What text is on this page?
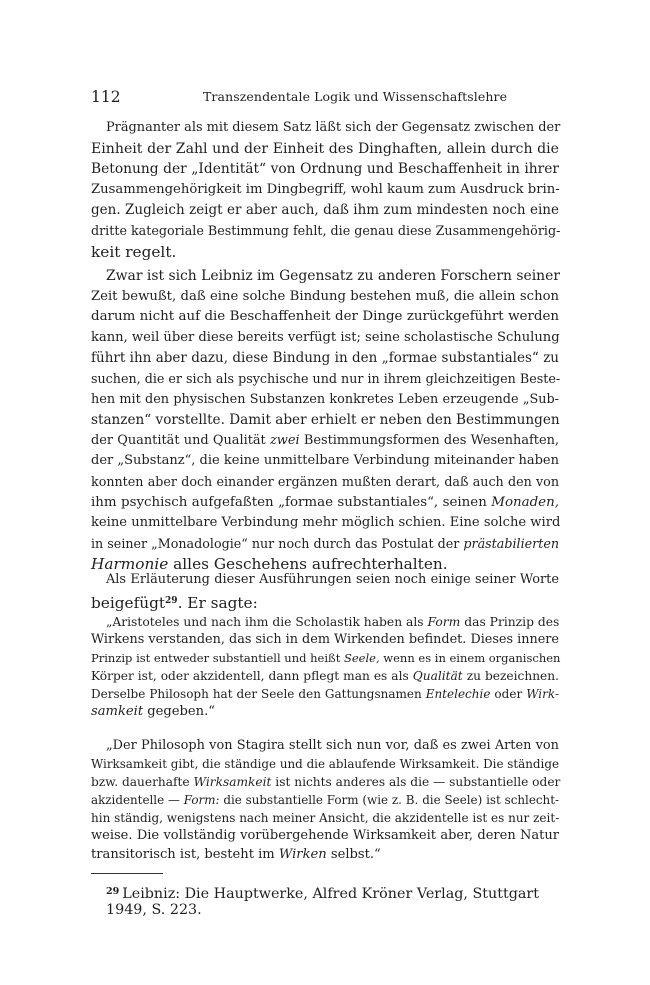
112	Transzendentale Logik und Wissenschaftslehre
Prägnanter als mit diesem Satz läßt sich der Gegensatz zwischen der
Einheit der Zahl und der Einheit des Dinghaften, allein durch die
Betonung der „Identität“ von Ordnung und Beschaffenheit in ihrer
Zusammengehörigkeit im Dingbegriff, wohl kaum zum Ausdruck brin-
gen. Zugleich zeigt er aber auch, daß ihm zum mindesten noch eine
dritte kategoriale Bestimmung fehlt, die genau diese Zusammengehörig-
keit regelt.
Zwar ist sich Leibniz im Gegensatz zu anderen Forschern seiner
Zeit bewußt, daß eine solche Bindung bestehen muß, die allein schon
darum nicht auf die Beschaffenheit der Dinge zurückgeführt werden
kann, weil über diese bereits verfügt ist; seine scholastische Schulung
führt ihn aber dazu, diese Bindung in den „formae substantiales“ zu
suchen, die er sich als psychische und nur in ihrem gleichzeitigen Beste-
hen mit den physischen Substanzen konkretes Leben erzeugende „Sub-
stanzen“ vorstellte. Damit aber erhielt er neben den Bestimmungen
der Quantität und Qualität zwei Bestimmungsformen des Wesenhaften,
der „Substanz“, die keine unmittelbare Verbindung miteinander haben
konnten aber doch einander ergänzen mußten derart, daß auch den von
ihm psychisch aufgefaßten „formae substantiales“, seinen Monaden,
keine unmittelbare Verbindung mehr möglich schien. Eine solche wird
in seiner „Monadologie“ nur noch durch das Postulat der prästabilierten
Harmonie alles Geschehens aufrechterhalten.
Als Erläuterung dieser Ausführungen seien noch einige seiner Worte
beigefügt$^{29}$. Er sagte:
„Aristoteles und nach ihm die Scholastik haben als Form das Prinzip des
Wirkens verstanden, das sich in dem Wirkenden befindet. Dieses innere
Prinzip ist entweder substantiell und heißt Seele, wenn es in einem organischen
Körper ist, oder akzidentell, dann pflegt man es als Qualität zu bezeichnen.
Derselbe Philosoph hat der Seele den Gattungsnamen Entelechie oder Wirk-
samkeit gegeben.“
„Der Philosoph von Stagira stellt sich nun vor, daß es zwei Arten von
Wirksamkeit gibt, die ständige und die ablaufende Wirksamkeit. Die ständige
bzw. dauerhafte Wirksamkeit ist nichts anderes als die — substantielle oder
akzidentelle — Form: die substantielle Form (wie z. B. die Seele) ist schlecht-
hin ständig, wenigstens nach meiner Ansicht, die akzidentelle ist es nur zeit-
weise. Die vollständig vorübergehende Wirksamkeit aber, deren Natur
transitorisch ist, besteht im Wirken selbst.“
$^{29}$ Leibniz: Die Hauptwerke, Alfred Kröner Verlag, Stuttgart 1949, S. 223.
